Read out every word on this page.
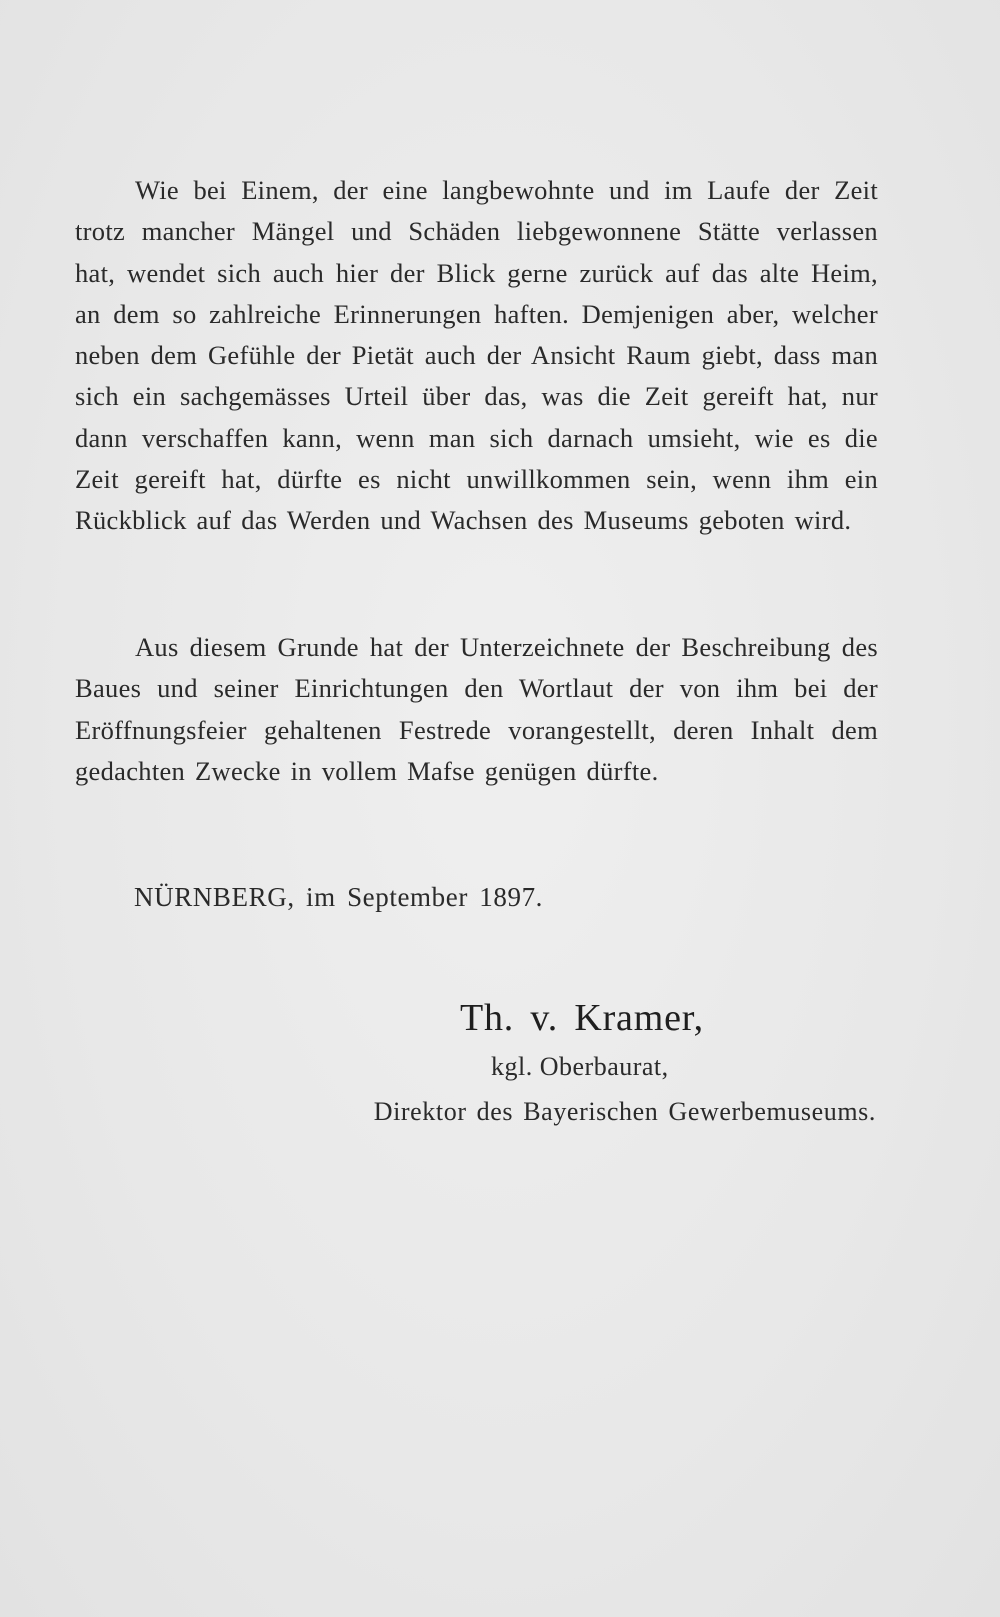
Wie bei Einem, der eine langbewohnte und im Laufe der Zeit trotz mancher Mängel und Schäden liebgewonnene Stätte verlassen hat, wendet sich auch hier der Blick gerne zurück auf das alte Heim, an dem so zahlreiche Erinnerungen haften. Demjenigen aber, welcher neben dem Gefühle der Pietät auch der Ansicht Raum giebt, dass man sich ein sachgemässes Urteil über das, was die Zeit gereift hat, nur dann verschaffen kann, wenn man sich darnach umsieht, wie es die Zeit gereift hat, dürfte es nicht unwillkommen sein, wenn ihm ein Rückblick auf das Werden und Wachsen des Museums geboten wird.

Aus diesem Grunde hat der Unterzeichnete der Beschreibung des Baues und seiner Einrichtungen den Wortlaut der von ihm bei der Eröffnungsfeier gehaltenen Festrede vorangestellt, deren Inhalt dem gedachten Zwecke in vollem Mafse genügen dürfte.

NÜRNBERG, im September 1897.

Th. v. Kramer,

kgl. Oberbaurat,

Direktor des Bayerischen Gewerbemuseums.
